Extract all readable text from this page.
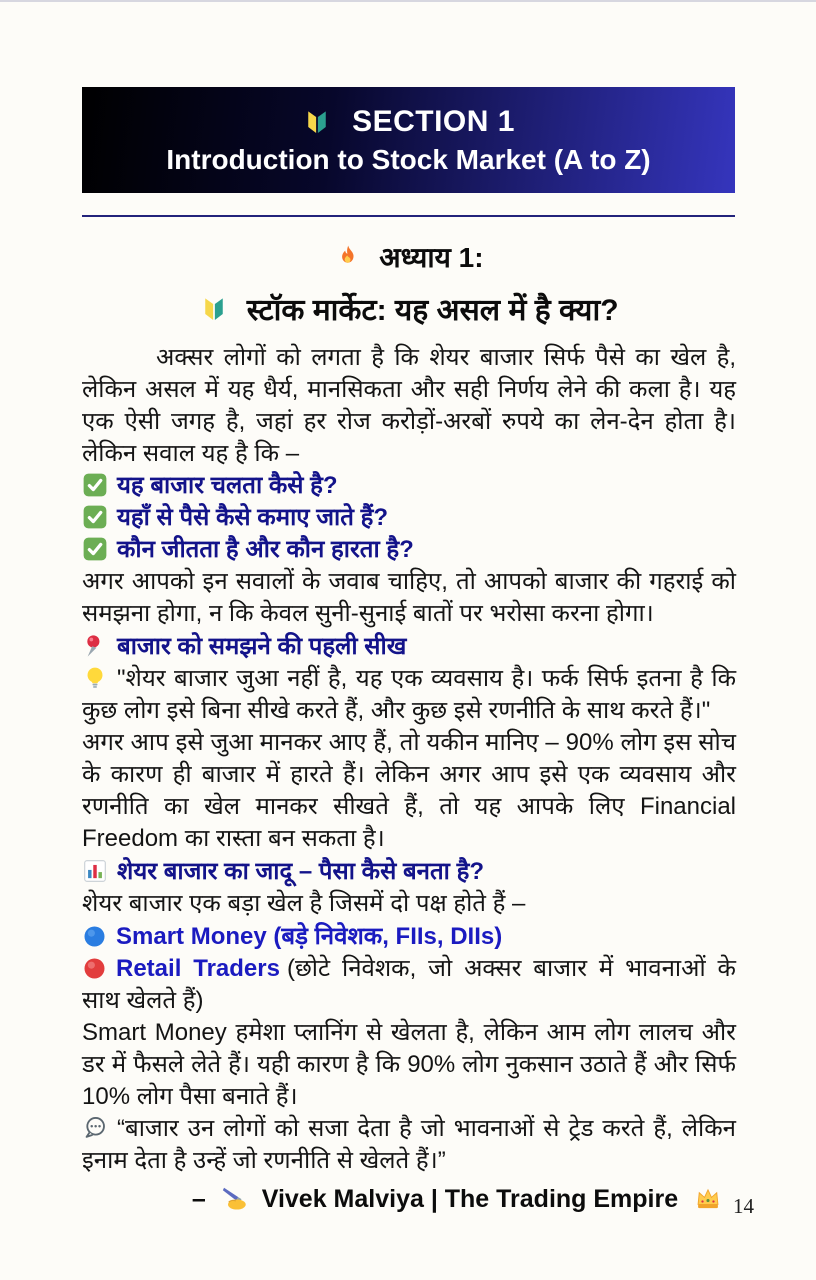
SECTION 1
Introduction to Stock Market (A to Z)
अध्याय 1:
स्टॉक मार्केट: यह असल में है क्या?

अक्सर लोगों को लगता है कि शेयर बाजार सिर्फ पैसे का खेल है, लेकिन असल में यह धैर्य, मानसिकता और सही निर्णय लेने की कला है। यह एक ऐसी जगह है, जहां हर रोज करोड़ों-अरबों रुपये का लेन-देन होता है। लेकिन सवाल यह है कि –

यह बाजार चलता कैसे है?
यहाँ से पैसे कैसे कमाए जाते हैं?
कौन जीतता है और कौन हारता है?

अगर आपको इन सवालों के जवाब चाहिए, तो आपको बाजार की गहराई को समझना होगा, न कि केवल सुनी-सुनाई बातों पर भरोसा करना होगा।

बाजार को समझने की पहली सीख

"शेयर बाजार जुआ नहीं है, यह एक व्यवसाय है। फर्क सिर्फ इतना है कि कुछ लोग इसे बिना सीखे करते हैं, और कुछ इसे रणनीति के साथ करते हैं।"

अगर आप इसे जुआ मानकर आए हैं, तो यकीन मानिए – 90% लोग इस सोच के कारण ही बाजार में हारते हैं। लेकिन अगर आप इसे एक व्यवसाय और रणनीति का खेल मानकर सीखते हैं, तो यह आपके लिए Financial Freedom का रास्ता बन सकता है।

शेयर बाजार का जादू – पैसा कैसे बनता है?

शेयर बाजार एक बड़ा खेल है जिसमें दो पक्ष होते हैं –

Smart Money (बड़े निवेशक, FIIs, DIIs)

Retail Traders (छोटे निवेशक, जो अक्सर बाजार में भावनाओं के साथ खेलते हैं)

Smart Money हमेशा प्लानिंग से खेलता है, लेकिन आम लोग लालच और डर में फैसले लेते हैं। यही कारण है कि 90% लोग नुकसान उठाते हैं और सिर्फ 10% लोग पैसा बनाते हैं।

“बाजार उन लोगों को सजा देता है जो भावनाओं से ट्रेड करते हैं, लेकिन इनाम देता है उन्हें जो रणनीति से खेलते हैं।”

– Vivek Malviya | The Trading Empire	14
